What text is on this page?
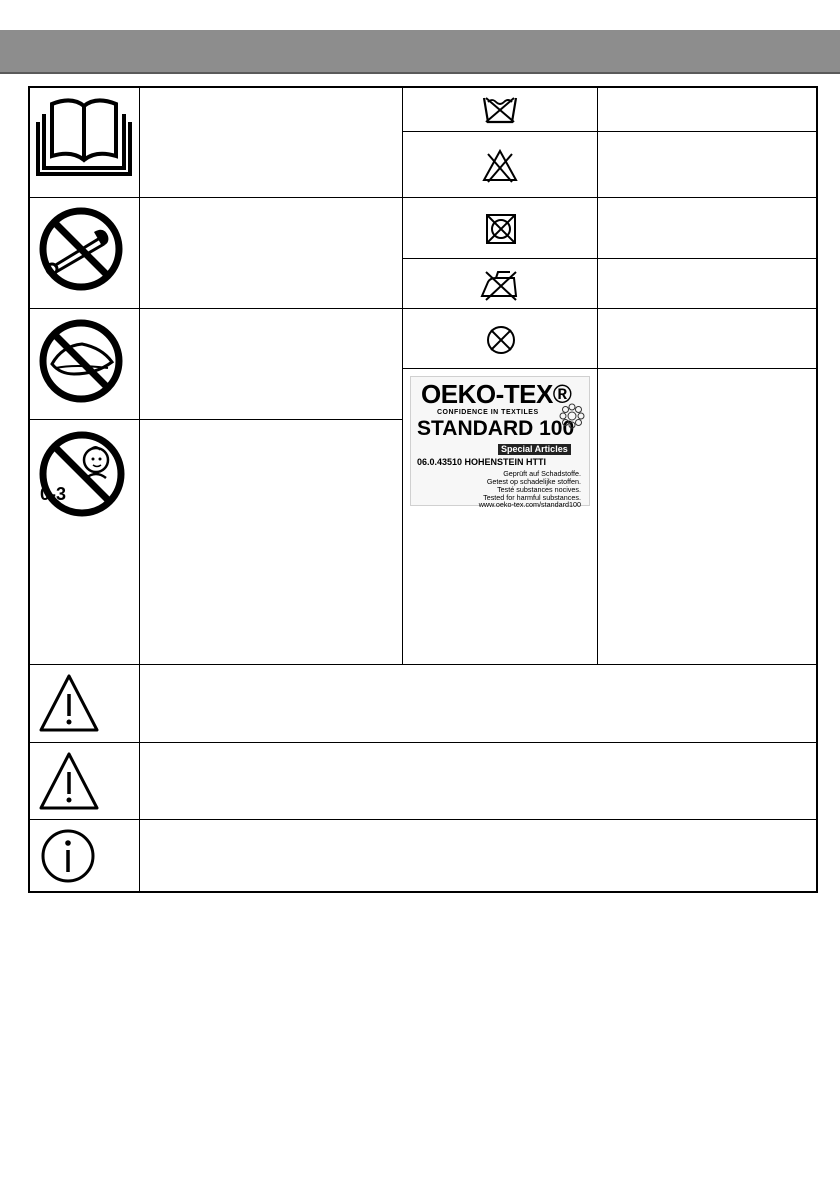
0-3
OEKO-TEX®
CONFIDENCE IN TEXTILES
STANDARD 100
Special Articles
06.0.43510 HOHENSTEIN HTTI
Geprüft auf Schadstoffe.
Getest op schadelijke stoffen.
Testé substances nocives.
Tested for harmful substances.
www.oeko-tex.com/standard100
